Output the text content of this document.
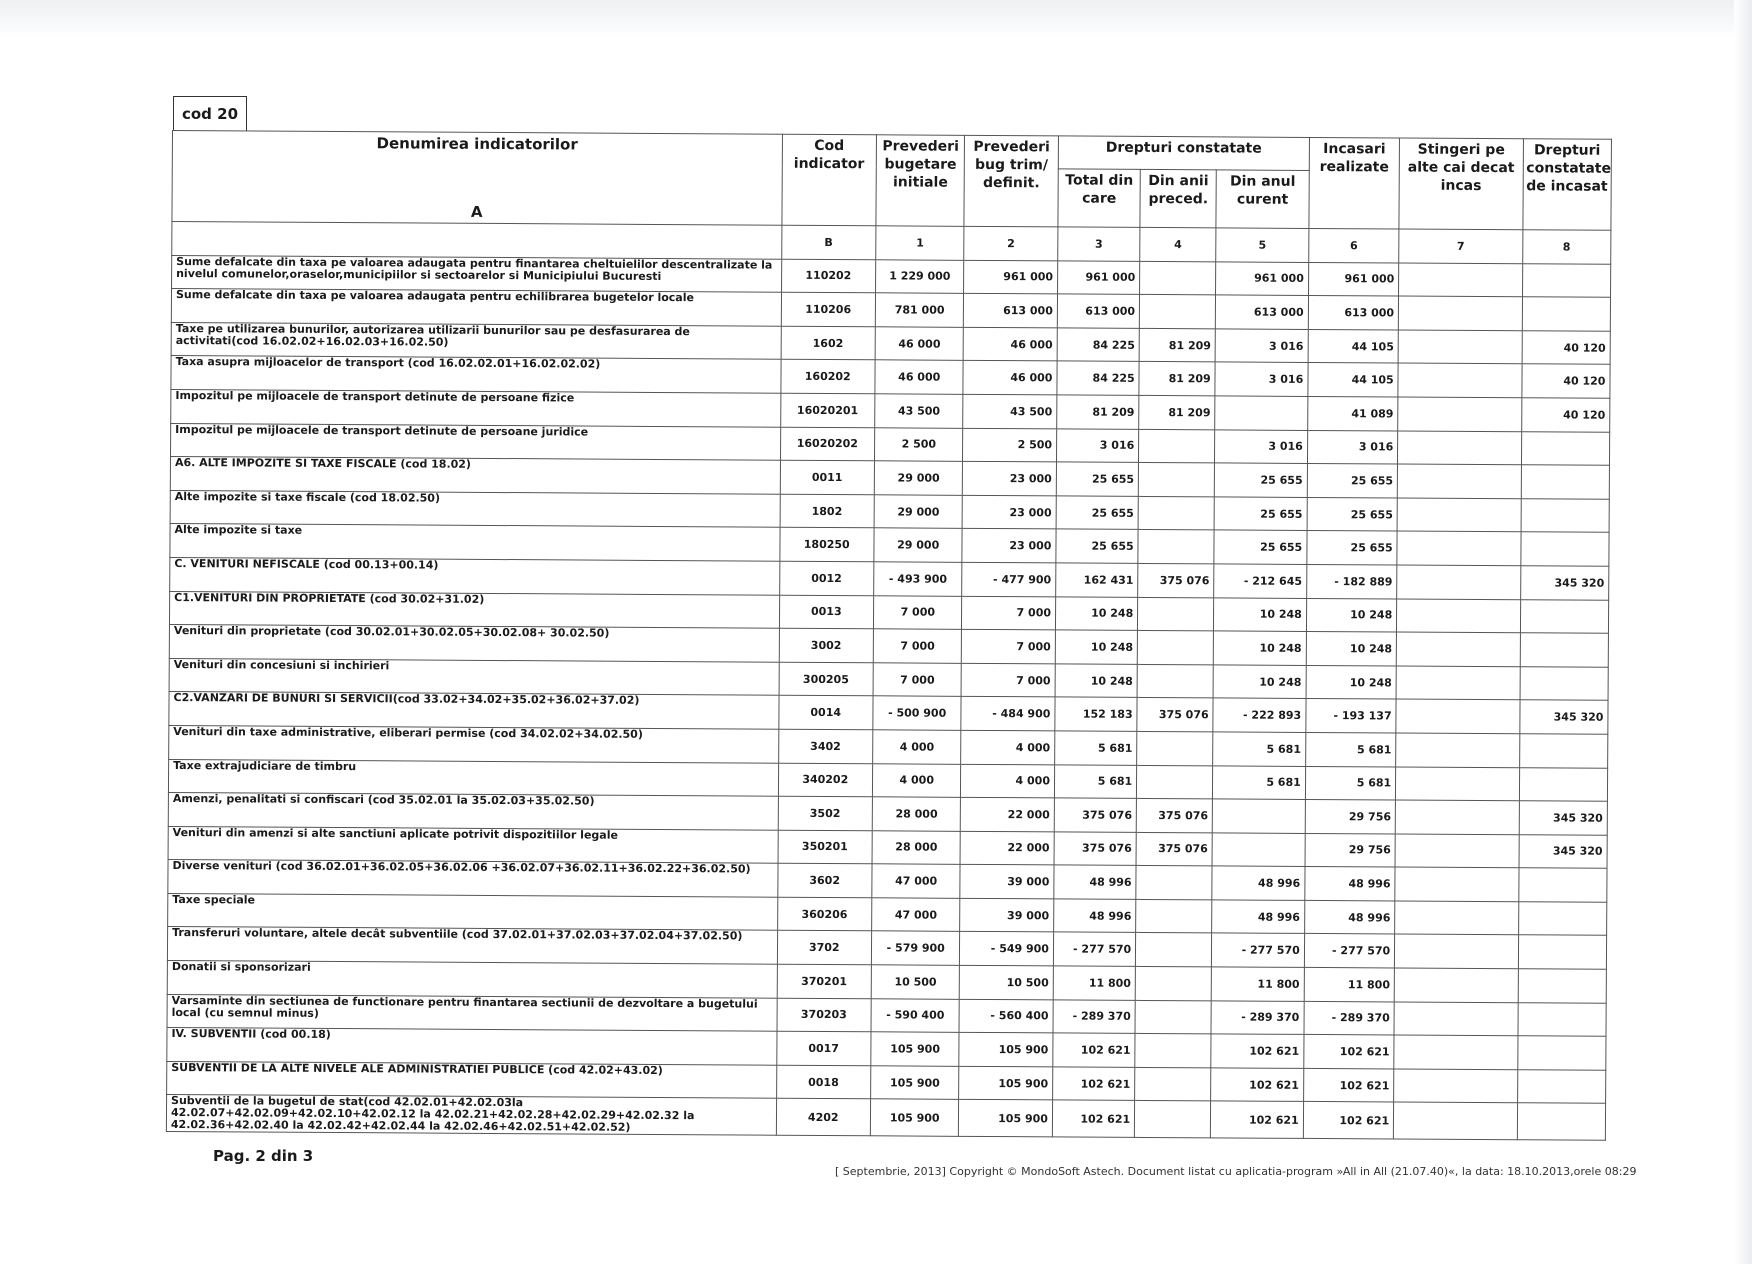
cod 20
Denumirea indicatorilor
A	Cod indicator	Prevederi bugetare initiale	Prevederi bug trim/ definit.	Drepturi constatate			Incasari realizate	Stingeri pe alte cai decat incas	Drepturi constatate de incasat
				Total din care	Din anii preced.	Din anul curent			
	B	1	2	3	4	5	6	7	8
Sume defalcate din taxa pe valoarea adaugata pentru finantarea cheltuielilor descentralizate la nivelul comunelor,oraselor,municipiilor si sectoarelor si Municipiului Bucuresti	110202	1 229 000	961 000	961 000		961 000	961 000		
Sume defalcate din taxa pe valoarea adaugata pentru echilibrarea bugetelor locale	110206	781 000	613 000	613 000		613 000	613 000		
Taxe pe utilizarea bunurilor, autorizarea utilizarii bunurilor sau pe desfasurarea de activitati(cod 16.02.02+16.02.03+16.02.50)	1602	46 000	46 000	84 225	81 209	3 016	44 105		40 120
Taxa asupra mijloacelor de transport (cod 16.02.02.01+16.02.02.02)	160202	46 000	46 000	84 225	81 209	3 016	44 105		40 120
Impozitul pe mijloacele de transport detinute de persoane fizice	16020201	43 500	43 500	81 209	81 209		41 089		40 120
Impozitul pe mijloacele de transport detinute de persoane juridice	16020202	2 500	2 500	3 016		3 016	3 016		
A6. ALTE IMPOZITE SI TAXE FISCALE (cod 18.02)	0011	29 000	23 000	25 655		25 655	25 655		
Alte impozite si taxe fiscale (cod 18.02.50)	1802	29 000	23 000	25 655		25 655	25 655		
Alte impozite si taxe	180250	29 000	23 000	25 655		25 655	25 655		
C. VENITURI NEFISCALE (cod 00.13+00.14)	0012	- 493 900	- 477 900	162 431	375 076	- 212 645	- 182 889		345 320
C1.VENITURI DIN PROPRIETATE (cod 30.02+31.02)	0013	7 000	7 000	10 248		10 248	10 248		
Venituri din proprietate (cod 30.02.01+30.02.05+30.02.08+ 30.02.50)	3002	7 000	7 000	10 248		10 248	10 248		
Venituri din concesiuni si inchirieri	300205	7 000	7 000	10 248		10 248	10 248		
C2.VANZARI DE BUNURI SI SERVICII(cod 33.02+34.02+35.02+36.02+37.02)	0014	- 500 900	- 484 900	152 183	375 076	- 222 893	- 193 137		345 320
Venituri din taxe administrative, eliberari permise (cod 34.02.02+34.02.50)	3402	4 000	4 000	5 681		5 681	5 681		
Taxe extrajudiciare de timbru	340202	4 000	4 000	5 681		5 681	5 681		
Amenzi, penalitati si confiscari (cod 35.02.01 la 35.02.03+35.02.50)	3502	28 000	22 000	375 076	375 076		29 756		345 320
Venituri din amenzi si alte sanctiuni aplicate potrivit dispozitiilor legale	350201	28 000	22 000	375 076	375 076		29 756		345 320
Diverse venituri (cod 36.02.01+36.02.05+36.02.06 +36.02.07+36.02.11+36.02.22+36.02.50)	3602	47 000	39 000	48 996		48 996	48 996		
Taxe speciale	360206	47 000	39 000	48 996		48 996	48 996		
Transferuri voluntare, altele decât subventiile (cod 37.02.01+37.02.03+37.02.04+37.02.50)	3702	- 579 900	- 549 900	- 277 570		- 277 570	- 277 570		
Donatii si sponsorizari	370201	10 500	10 500	11 800		11 800	11 800		
Varsaminte din sectiunea de functionare pentru finantarea sectiunii de dezvoltare a bugetului local (cu semnul minus)	370203	- 590 400	- 560 400	- 289 370		- 289 370	- 289 370		
IV. SUBVENTII (cod 00.18)	0017	105 900	105 900	102 621		102 621	102 621		
SUBVENTII DE LA ALTE NIVELE ALE ADMINISTRATIEI PUBLICE (cod 42.02+43.02)	0018	105 900	105 900	102 621		102 621	102 621		
Subventii de la bugetul de stat(cod 42.02.01+42.02.03la 42.02.07+42.02.09+42.02.10+42.02.12 la 42.02.21+42.02.28+42.02.29+42.02.32 la 42.02.36+42.02.40 la 42.02.42+42.02.44 la 42.02.46+42.02.51+42.02.52)	4202	105 900	105 900	102 621		102 621	102 621		
Pag. 2 din 3
[ Septembrie, 2013] Copyright © MondoSoft Astech. Document listat cu aplicatia-program »All in All (21.07.40)«, la data: 18.10.2013,orele 08:29
